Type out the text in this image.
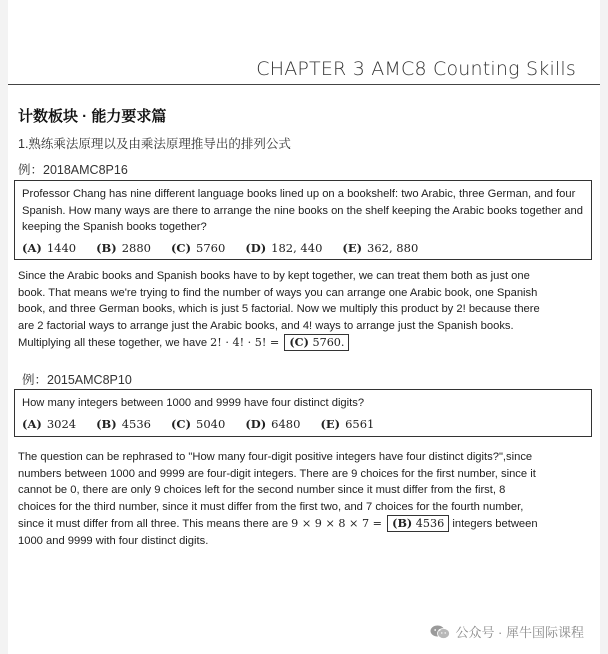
CHAPTER 3 AMC8 Counting Skills
计数板块 · 能力要求篇
1.熟练乘法原理以及由乘法原理推导出的排列公式
例：2018AMC8P16
Professor Chang has nine different language books lined up on a bookshelf: two Arabic, three German, and four Spanish. How many ways are there to arrange the nine books on the shelf keeping the Arabic books together and keeping the Spanish books together?
(A) 1440 (B) 2880 (C) 5760 (D) 182, 440 (E) 362, 880
Since the Arabic books and Spanish books have to by kept together, we can treat them both as just one
book. That means we're trying to find the number of ways you can arrange one Arabic book, one Spanish
book, and three German books, which is just 5 factorial. Now we multiply this product by 2! because there
are 2 factorial ways to arrange just the Arabic books, and 4! ways to arrange just the Spanish books.
Multiplying all these together, we have 2! · 4! · 5! = (C) 5760.
例：2015AMC8P10
How many integers between 1000 and 9999 have four distinct digits?
(A) 3024 (B) 4536 (C) 5040 (D) 6480 (E) 6561
The question can be rephrased to "How many four-digit positive integers have four distinct digits?",since
numbers between 1000 and 9999 are four-digit integers. There are 9 choices for the first number, since it
cannot be 0, there are only 9 choices left for the second number since it must differ from the first, 8
choices for the third number, since it must differ from the first two, and 7 choices for the fourth number,
since it must differ from all three. This means there are 9 × 9 × 8 × 7 = (B) 4536 integers between
1000 and 9999 with four distinct digits.
公众号 · 犀牛国际课程
